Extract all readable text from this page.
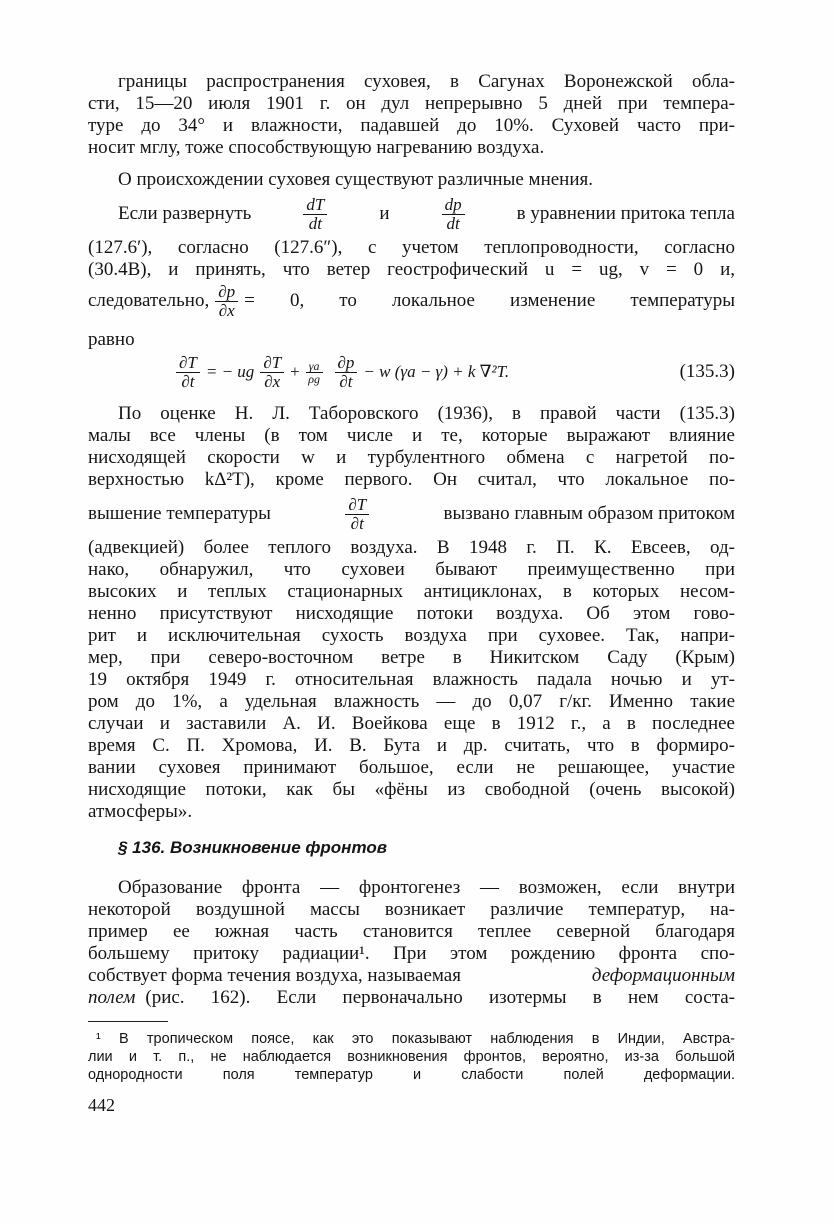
О происхождении суховея существуют различные мнения.
Если развернуть	$\frac{dT}{dt}$	и	$\frac{dp}{dt}$	в уравнении притока тепла
(127.6′), согласно (127.6″), с учетом теплопроводности, согласно
(30.4В), и принять, что ветер геострофический u = ug, v = 0 и,
следовательно, $\frac{\partial p}{\partial x} = 0$, то локальное изменение температуры
равно
$\frac{\partial T}{\partial t}$ = − ug $\frac{\partial T}{\partial x} + \frac{\gamma a}{\rho g} \frac{\partial p}{\partial t} - w$ (γa − γ) + k ∇²T.	(135.3)
вышение температуры	$\frac{\partial T}{\partial t}$	вызвано главным образом притоком
§ 136. Возникновение фронтов
полем (рис. 162). Если первоначально изотермы в нем соста-
442
границы распространения суховея, в Сагунах Воронежской обла-
сти, 15—20 июля 1901 г. он дул непрерывно 5 дней при темпера-
туре до 34° и влажности, падавшей до 10%. Суховей часто при-
носит мглу, тоже способствующую нагреванию воздуха.
По оценке Н. Л. Таборовского (1936), в правой части (135.3)
малы все члены (в том числе и те, которые выражают влияние
нисходящей скорости w и турбулентного обмена с нагретой по-
верхностью kΔ²T), кроме первого. Он считал, что локальное по-
(адвекцией) более теплого воздуха. В 1948 г. П. К. Евсеев, од-
нако, обнаружил, что суховеи бывают преимущественно при
высоких и теплых стационарных антициклонах, в которых несом-
ненно присутствуют нисходящие потоки воздуха. Об этом гово-
рит и исключительная сухость воздуха при суховее. Так, напри-
мер, при северо-восточном ветре в Никитском Саду (Крым)
19 октября 1949 г. относительная влажность падала ночью и ут-
ром до 1%, а удельная влажность — до 0,07 г/кг. Именно такие
случаи и заставили А. И. Воейкова еще в 1912 г., а в последнее
время С. П. Хромова, И. В. Бута и др. считать, что в формиро-
вании суховея принимают большое, если не решающее, участие
нисходящие потоки, как бы «фёны из свободной (очень высокой)
атмосферы».
Образование фронта — фронтогенез — возможен, если внутри
некоторой воздушной массы возникает различие температур, на-
пример ее южная часть становится теплее северной благодаря
большему притоку радиации¹. При этом рождению фронта спо-
собствует форма течения воздуха, называемая	деформационным
¹ В тропическом поясе, как это показывают наблюдения в Индии, Австра-
лии и т. п., не наблюдается возникновения фронтов, вероятно, из-за большой
однородности поля температур и слабости полей деформации.
